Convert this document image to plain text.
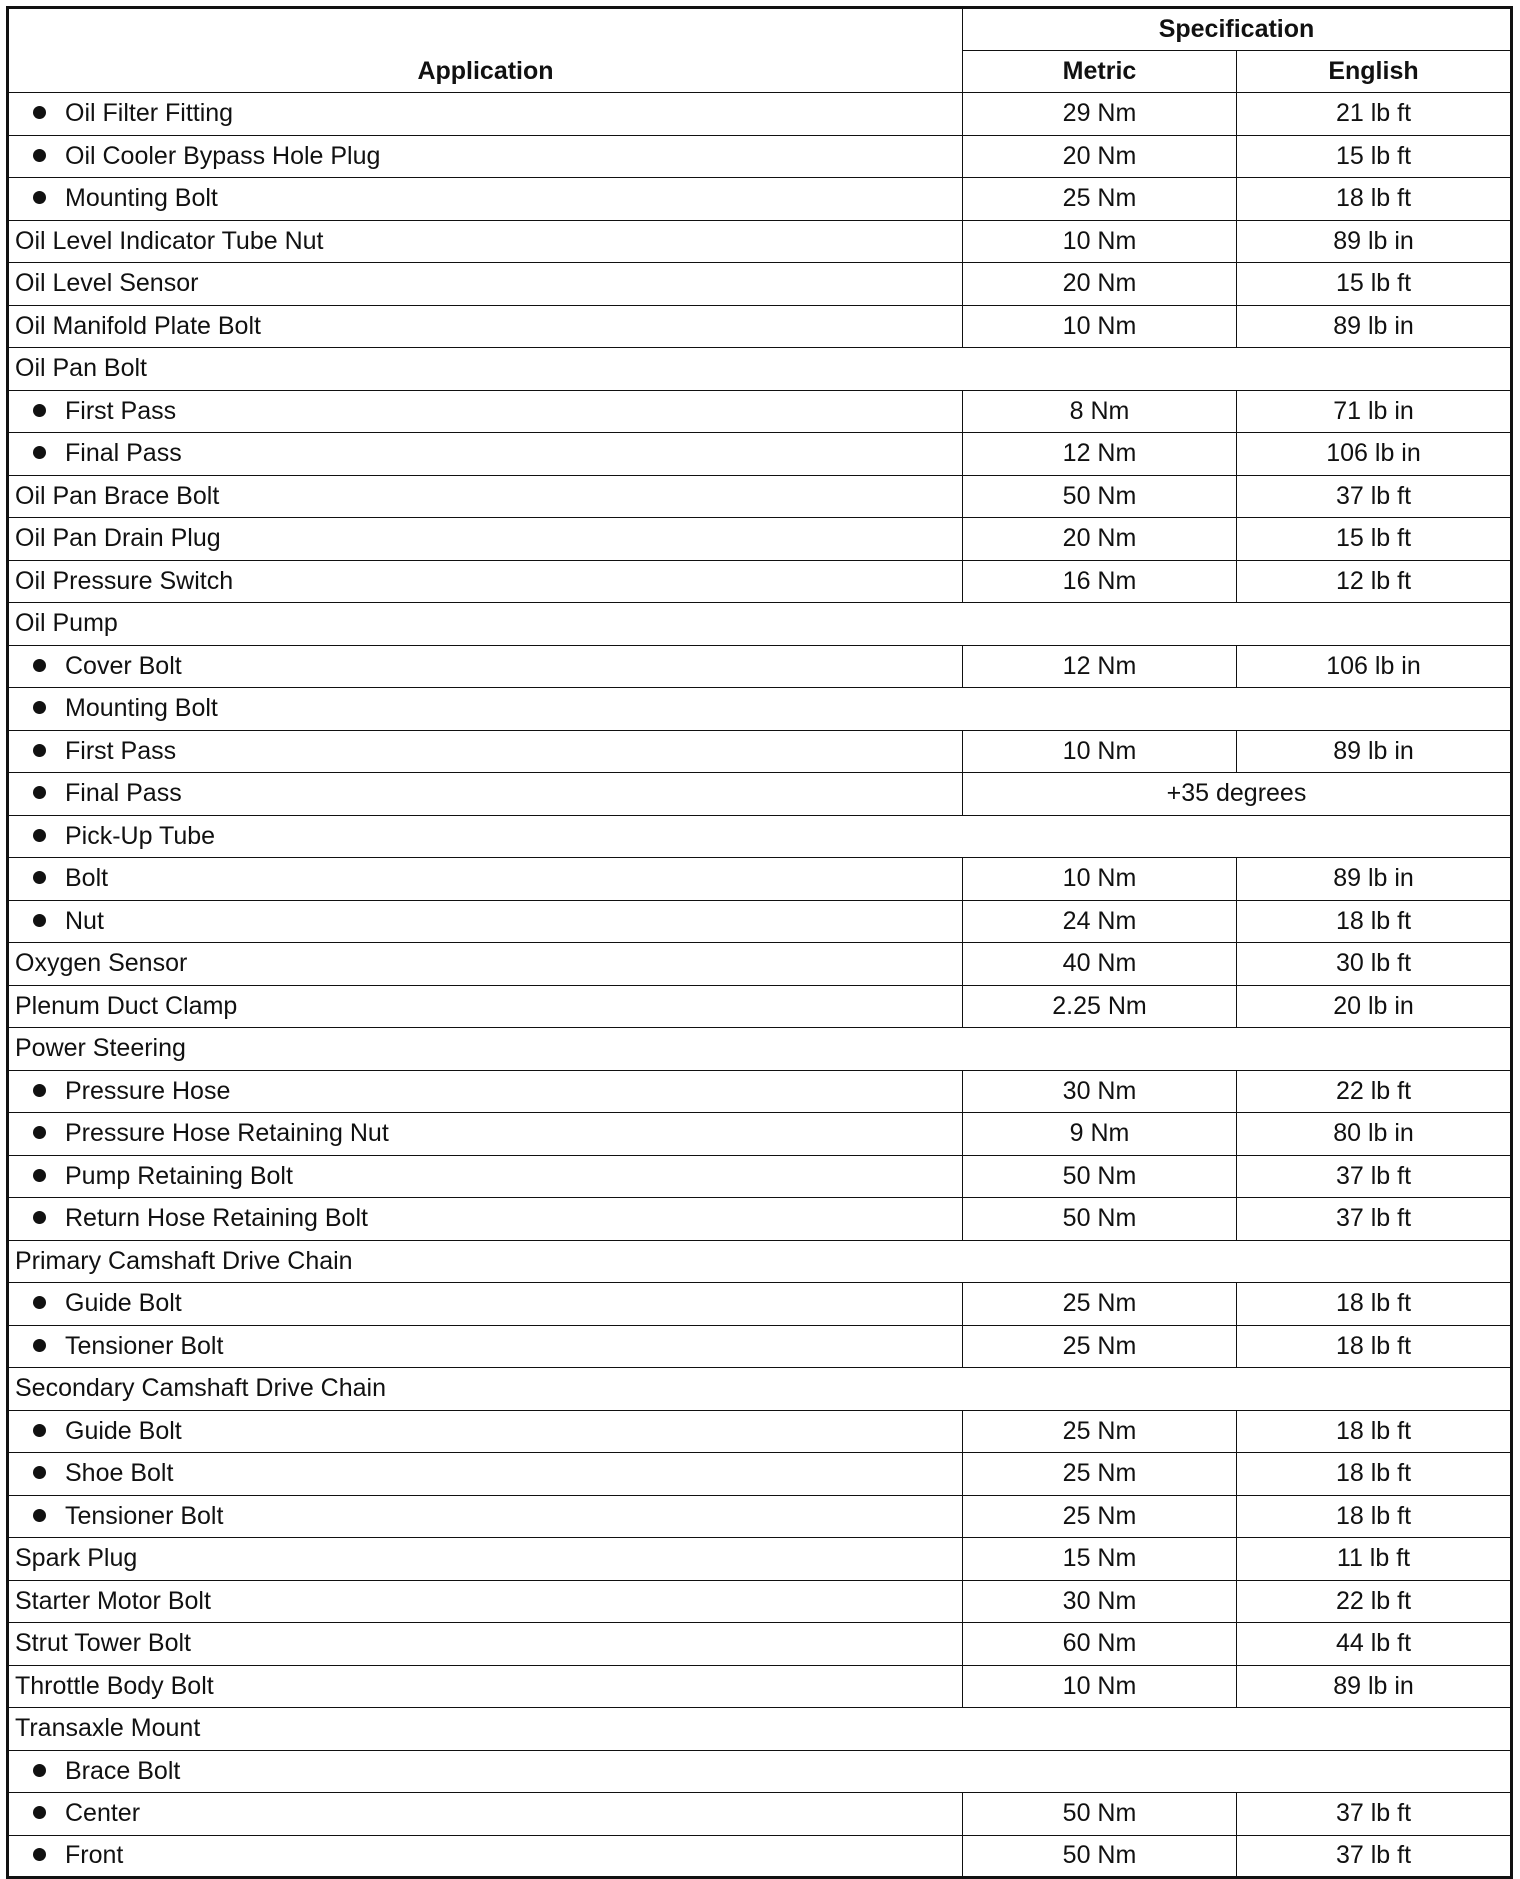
Application	Specification	
	Metric	English
Oil Filter Fitting	29 Nm	21 lb ft
Oil Cooler Bypass Hole Plug	20 Nm	15 lb ft
Mounting Bolt	25 Nm	18 lb ft
Oil Level Indicator Tube Nut	10 Nm	89 lb in
Oil Level Sensor	20 Nm	15 lb ft
Oil Manifold Plate Bolt	10 Nm	89 lb in
Oil Pan Bolt		
First Pass	8 Nm	71 lb in
Final Pass	12 Nm	106 lb in
Oil Pan Brace Bolt	50 Nm	37 lb ft
Oil Pan Drain Plug	20 Nm	15 lb ft
Oil Pressure Switch	16 Nm	12 lb ft
Oil Pump		
Cover Bolt	12 Nm	106 lb in
Mounting Bolt		
First Pass	10 Nm	89 lb in
Final Pass	+35 degrees	
Pick-Up Tube		
Bolt	10 Nm	89 lb in
Nut	24 Nm	18 lb ft
Oxygen Sensor	40 Nm	30 lb ft
Plenum Duct Clamp	2.25 Nm	20 lb in
Power Steering		
Pressure Hose	30 Nm	22 lb ft
Pressure Hose Retaining Nut	9 Nm	80 lb in
Pump Retaining Bolt	50 Nm	37 lb ft
Return Hose Retaining Bolt	50 Nm	37 lb ft
Primary Camshaft Drive Chain		
Guide Bolt	25 Nm	18 lb ft
Tensioner Bolt	25 Nm	18 lb ft
Secondary Camshaft Drive Chain		
Guide Bolt	25 Nm	18 lb ft
Shoe Bolt	25 Nm	18 lb ft
Tensioner Bolt	25 Nm	18 lb ft
Spark Plug	15 Nm	11 lb ft
Starter Motor Bolt	30 Nm	22 lb ft
Strut Tower Bolt	60 Nm	44 lb ft
Throttle Body Bolt	10 Nm	89 lb in
Transaxle Mount		
Brace Bolt		
Center	50 Nm	37 lb ft
Front	50 Nm	37 lb ft
